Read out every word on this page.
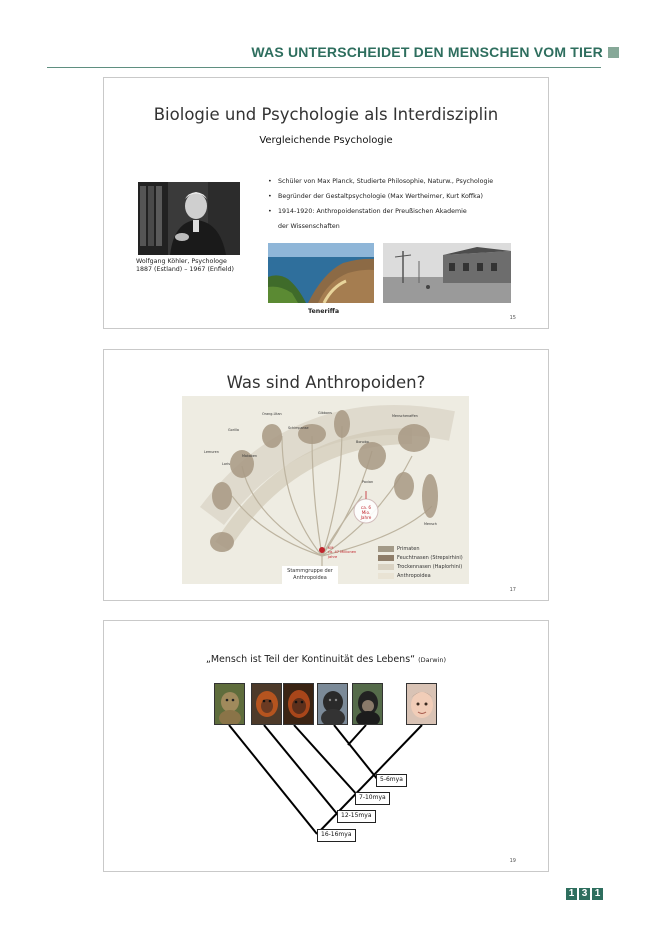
WAS UNTERSCHEIDET DEN MENSCHEN VOM TIER
Biologie und Psychologie als Interdisziplin
Vergleichende Psychologie
Wolfgang Köhler, Psychologe
1887 (Estland) – 1967 (Enfield)
• Schüler von Max Planck, Studierte Philosophie, Naturw., Psychologie
• Begründer der Gestaltpsychologie (Max Wertheimer, Kurt Koffka)
• 1914-1920: Anthropoidenstation der Preußischen Akademie
der Wissenschaften
Teneriffa
15
Was sind Anthropoiden?
Gibbons
Menschenaffen
Orang-Utan
Gorilla	Schimpanse
Bonobo
Mensch
Makaken
Pavian
Lemuren
Loris
ca. 6 Mio. Jahre
KM
ca. 47 Millionen
Jahre
Stammgruppe der
Anthropoidea
Primaten
Feuchtnasen (Strepsirhini)
Trockennasen (Haplorhini)
Anthropoidea
17
„Mensch ist Teil der Kontinuität des Lebens“ (Darwin)
5-6mya
7-10mya
12-15mya
16-16mya
19
1 3 1
